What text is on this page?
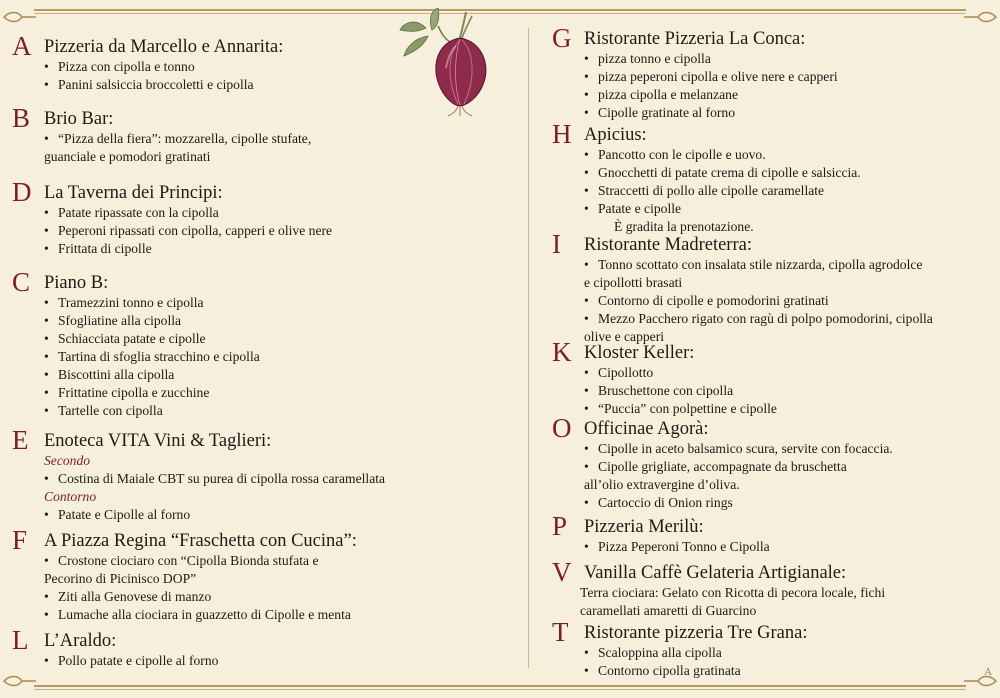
A Pizzeria da Marcello e Annarita:
• Pizza con cipolla e tonno
• Panini salsiccia broccoletti e cipolla
B Brio Bar:
• “Pizza della fiera”: mozzarella, cipolle stufate,
guanciale e pomodori gratinati
D La Taverna dei Principi:
• Patate ripassate con la cipolla
• Peperoni ripassati con cipolla, capperi e olive nere
• Frittata di cipolle
C Piano B:
• Tramezzini tonno e cipolla
• Sfogliatine alla cipolla
• Schiacciata patate e cipolle
• Tartina di sfoglia stracchino e cipolla
• Biscottini alla cipolla
• Frittatine cipolla e zucchine
• Tartelle con cipolla
E Enoteca VITA Vini & Taglieri:
Secondo
• Costina di Maiale CBT su purea di cipolla rossa caramellata
Contorno
• Patate e Cipolle al forno
F A Piazza Regina “Fraschetta con Cucina”:
• Crostone ciociaro con “Cipolla Bionda stufata e
Pecorino di Picinisco DOP”
• Ziti alla Genovese di manzo
• Lumache alla ciociara in guazzetto di Cipolle e menta
L L’Araldo:
• Pollo patate e cipolle al forno
G Ristorante Pizzeria La Conca:
• pizza tonno e cipolla
• pizza peperoni cipolla e olive nere e capperi
• pizza cipolla e melanzane
• Cipolle gratinate al forno
H Apicius:
• Pancotto con le cipolle e uovo.
• Gnocchetti di patate crema di cipolle e salsiccia.
• Straccetti di pollo alle cipolle caramellate
• Patate e cipolle
È gradita la prenotazione.
I Ristorante Madreterra:
• Tonno scottato con insalata stile nizzarda, cipolla agrodolce
e cipollotti brasati
• Contorno di cipolle e pomodorini gratinati
• Mezzo Pacchero rigato con ragù di polpo pomodorini, cipolla
olive e capperi
K Kloster Keller:
• Cipollotto
• Bruschettone con cipolla
• “Puccia” con polpettine e cipolle
O Officinae Agorà:
• Cipolle in aceto balsamico scura, servite con focaccia.
• Cipolle grigliate, accompagnate da bruschetta
all’olio extravergine d’oliva.
• Cartoccio di Onion rings
P Pizzeria Merilù:
• Pizza Peperoni Tonno e Cipolla
V Vanilla Caffè Gelateria Artigianale:
Terra ciociara: Gelato con Ricotta di pecora locale, fichi
caramellati amaretti di Guarcino
T Ristorante pizzeria Tre Grana:
• Scaloppina alla cipolla
• Contorno cipolla gratinata	A
